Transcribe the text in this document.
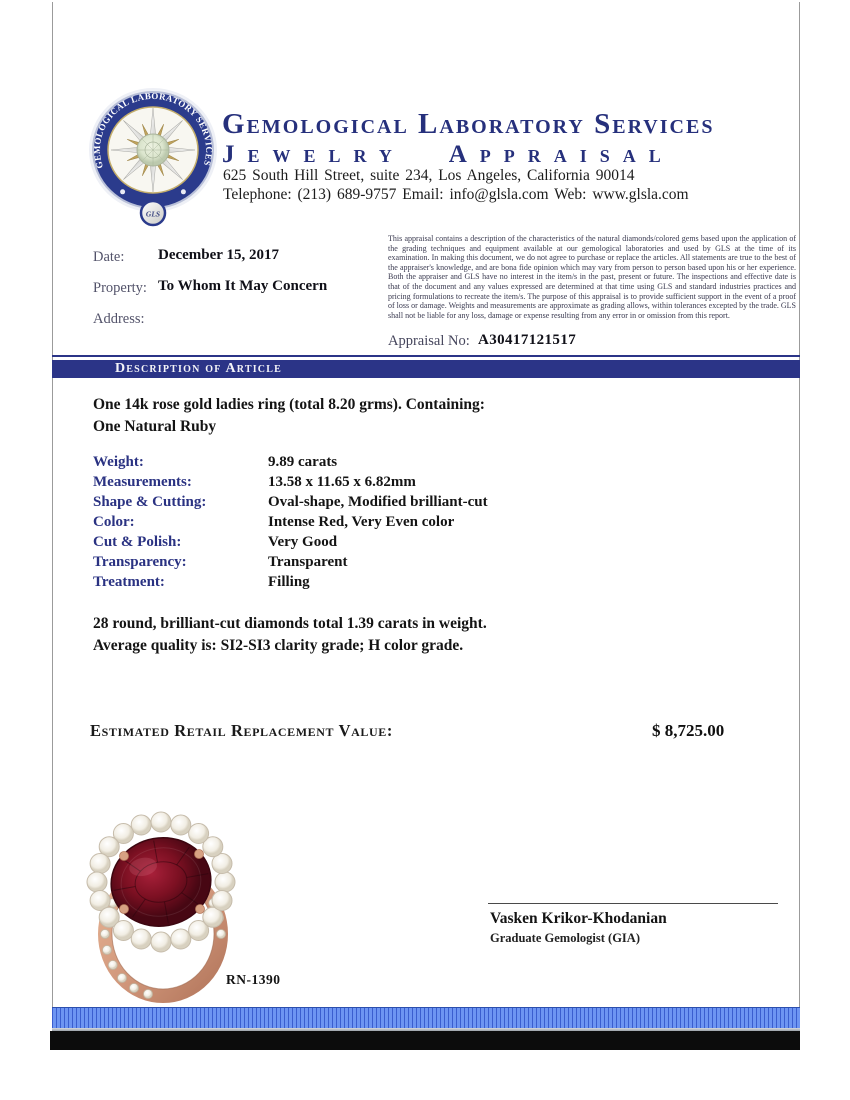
GEMOLOGICAL LABORATORY SERVICES
GLS
Gemological Laboratory Services
Jewelry Appraisal
625 South Hill Street, suite 234, Los Angeles, California 90014
Telephone: (213) 689-9757 Email: info@glsla.com Web: www.glsla.com
Date: December 15, 2017
Property: To Whom It May Concern
Address:
This appraisal contains a description of the characteristics of the natural diamonds/colored gems based upon the application of the grading techniques and equipment available at our gemological laboratories and used by GLS at the time of its examination. In making this document, we do not agree to purchase or replace the articles. All statements are true to the best of the appraiser's knowledge, and are bona fide opinion which may vary from person to person based upon his or her experience. Both the appraiser and GLS have no interest in the item/s in the past, present or future. The inspections and effective date is that of the document and any values expressed are determined at that time using GLS and standard industries practices and pricing formulations to recreate the item/s. The purpose of this appraisal is to provide sufficient support in the event of a proof of loss or damage. Weights and measurements are approximate as grading allows, within tolerances excepted by the trade. GLS shall not be liable for any loss, damage or expense resulting from any error in or omission from this report.
Appraisal No: A30417121517
Description of Article
One 14k rose gold ladies ring (total 8.20 grms). Containing:
One Natural Ruby
Weight:	9.89 carats
Measurements:	13.58 x 11.65 x 6.82mm
Shape & Cutting:	Oval-shape, Modified brilliant-cut
Color:	Intense Red, Very Even color
Cut & Polish:	Very Good
Transparency:	Transparent
Treatment:	Filling
28 round, brilliant-cut diamonds total 1.39 carats in weight.
Average quality is: SI2-SI3 clarity grade; H color grade.
Estimated Retail Replacement Value:	$ 8,725.00
RN-1390
Vasken Krikor-Khodanian
Graduate Gemologist (GIA)
